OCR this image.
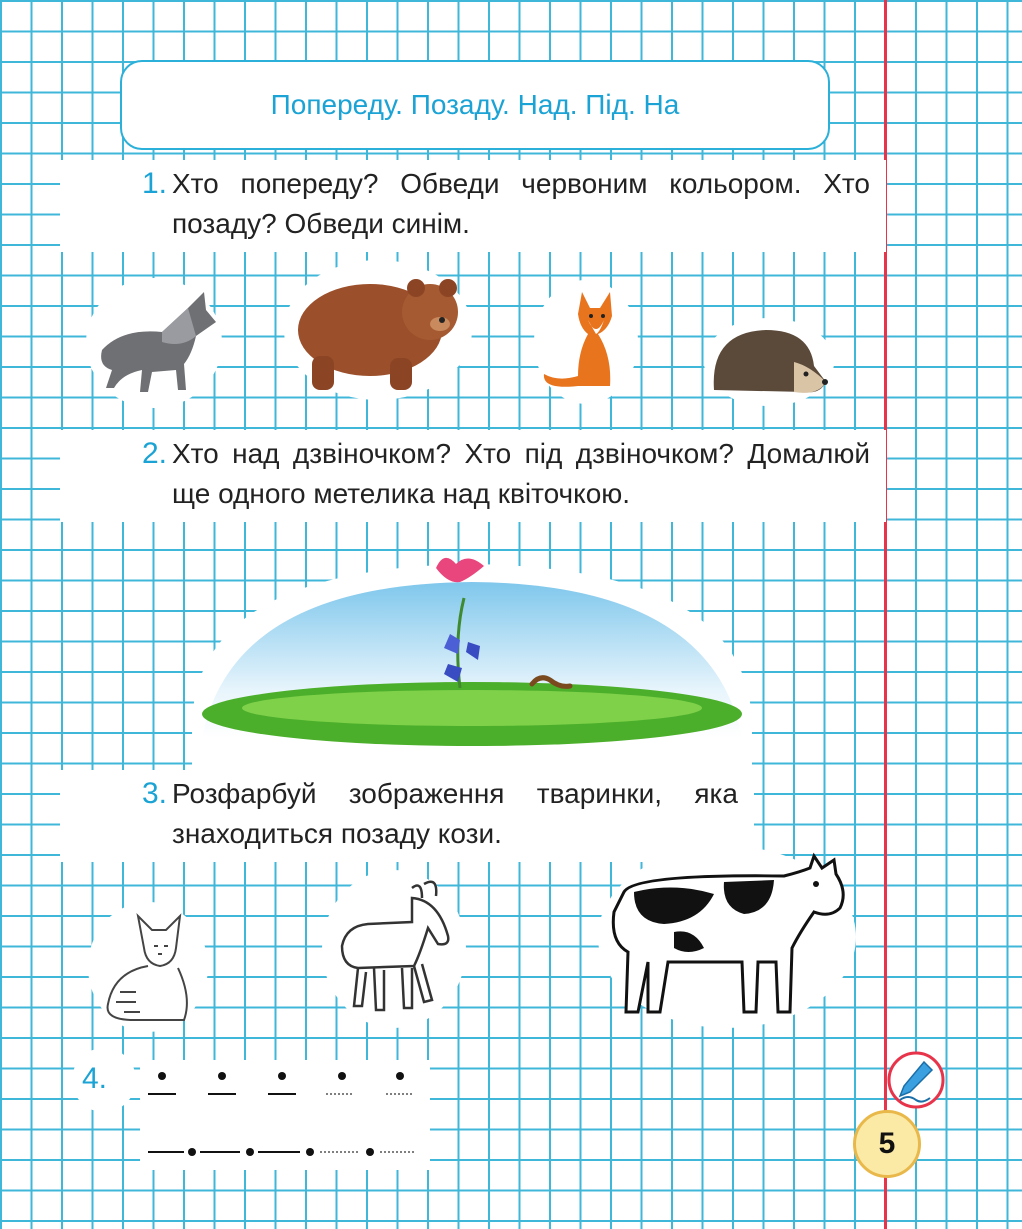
Попереду. Позаду. Над. Під. На
1. Хто попереду? Обведи червоним кольором. Хто
позаду? Обведи синім.
2. Хто над дзвіночком? Хто під дзвіночком? Домалюй
ще одного метелика над квіточкою.
3. Розфарбуй зображення тваринки, яка
знаходиться позаду кози.
4.
5
